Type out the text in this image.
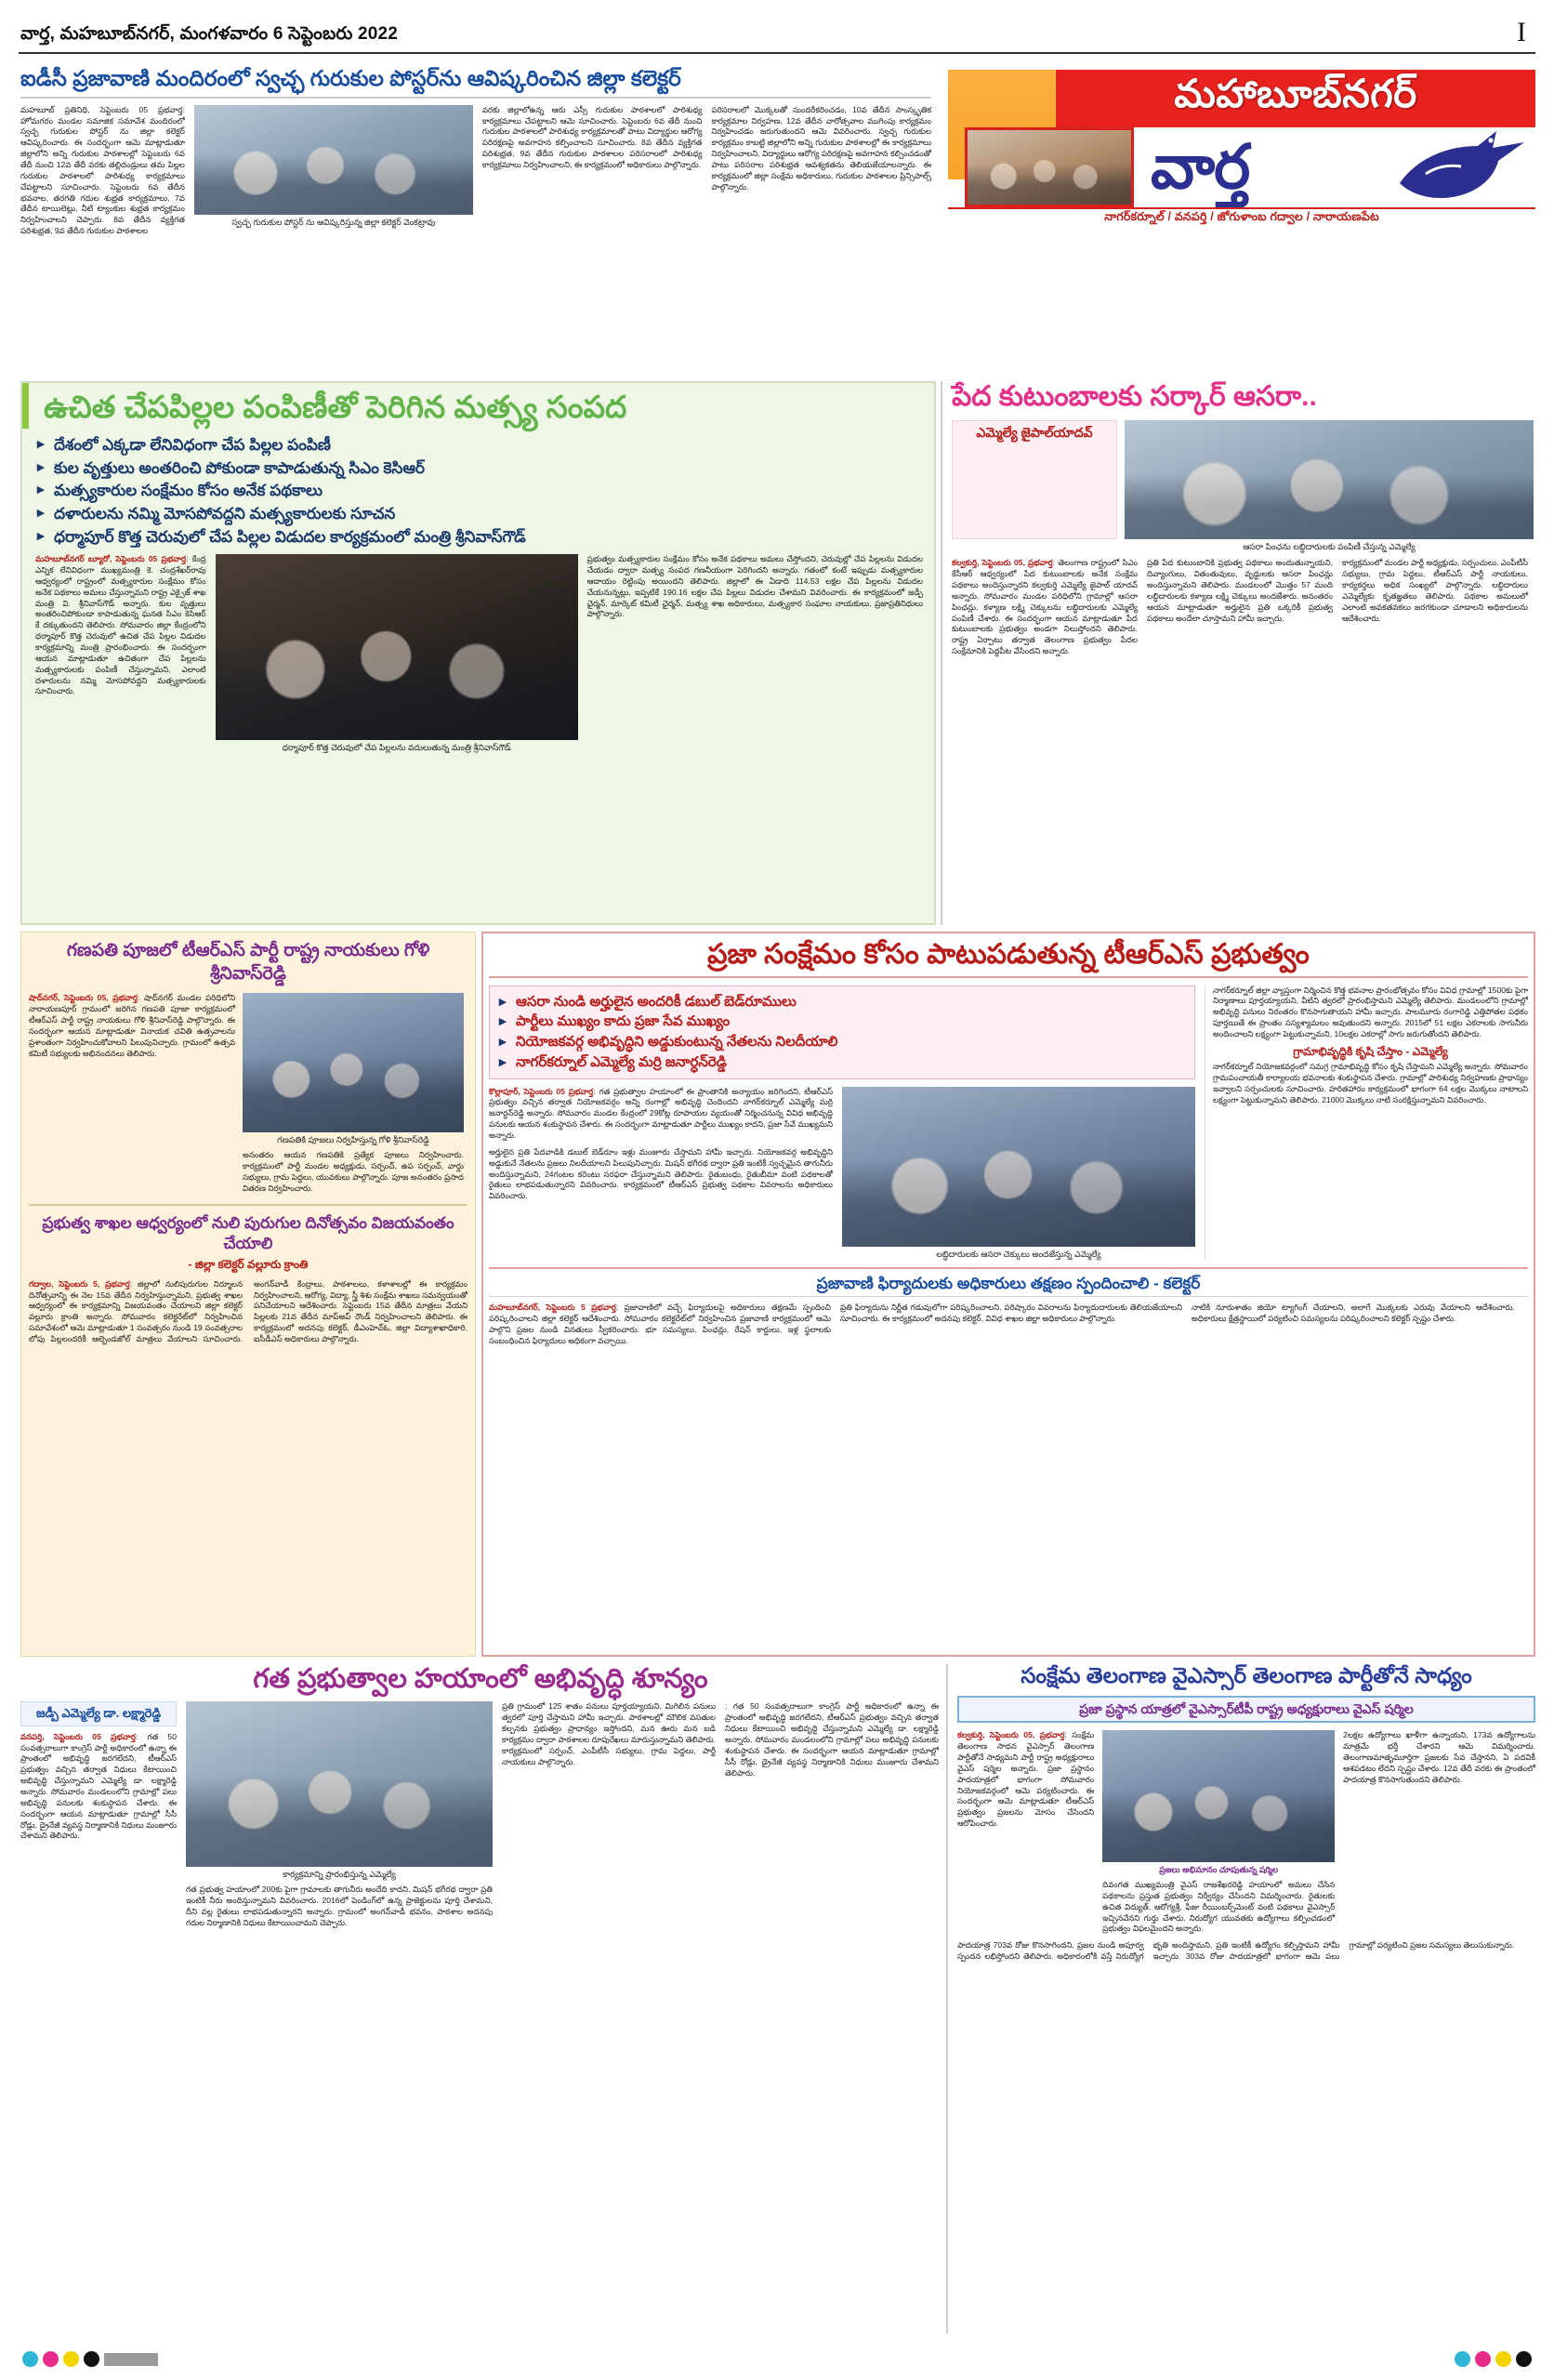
వార్త, మహబూబ్‌నగర్, మంగళవారం 6 సెప్టెంబరు 2022	I
మహాబూబ్‌నగర్
వార్త
నాగర్‌కర్నూల్ / వనపర్తి / జోగుళాంబ గద్వాల / నారాయణపేట
ఐడీసీ ప్రజావాణి మందిరంలో స్వచ్ఛ గురుకుల పోస్టర్‌ను ఆవిష్కరించిన జిల్లా కలెక్టర్
మహబూబ్ ప్రతినిధి, సెప్టెంబరు 05 ప్రభవార్త: హోమగరం మండల సమాజిక సమావేశ మందిరంలో స్వచ్ఛ గురుకుల పోస్టర్ ను జిల్లా కలెక్టర్ ఆవిష్కరించారు. ఈ సందర్భంగా ఆమె మాట్లాడుతూ జిల్లాలోని అన్ని గురుకుల పాఠశాలల్లో సెప్టెంబరు 6వ తేదీ నుంచి 12వ తేదీ వరకు తల్లిదండ్రులు తమ పిల్లల గురుకుల పాఠశాలలో పారిశుధ్య కార్యక్రమాలు చేపట్టాలని సూచించారు. సెప్టెంబరు 6వ తేదీన భవనాల, తరగతి గదుల శుభ్రత కార్యక్రమాలు, 7వ తేదీన టాయిలెట్లు, నీటి ట్యాంకుల శుభ్రత కార్యక్రమం నిర్వహించాలని చెప్పారు. 8వ తేదీన వ్యక్తిగత పరిశుభ్రత, 9వ తేదీన గురుకుల పాఠశాలల
స్వచ్ఛ గురుకుల పోస్టర్ ను ఆవిష్కరిస్తున్న జిల్లా కలెక్టర్ వెంకట్రావు
వరకు జిల్లాలోఉన్న ఆరు ఎస్సీ గురుకుల పాఠశాలలో పారిశుధ్య కార్యక్రమాలు చేపట్టాలని ఆమె సూచించారు. సెప్టెంబరు 6వ తేదీ నుంచి గురుకుల పాఠశాలలో పారిశుధ్య కార్యక్రమాలతో పాటు విద్యార్థుల ఆరోగ్య పరిరక్షణపై అవగాహన కల్పించాలని సూచించారు. 8వ తేదీన వ్యక్తిగత పరిశుభ్రత, 9వ తేదీన గురుకుల పాఠశాలల పరిసరాలలో పారిశుధ్య కార్యక్రమాలు నిర్వహించాలని, ఈ కార్యక్రమంలో అధికారులు పాల్గొన్నారు.
పరిసరాలలో మొక్కలతో సుందరీకరించడం, 10వ తేదీన సాంస్కృతిక కార్యక్రమాల నిర్వహణ, 12వ తేదీన వారోత్సవాల ముగింపు కార్యక్రమం నిర్వహించడం జరుగుతుందని ఆమె వివరించారు. స్వచ్ఛ గురుకుల కార్యక్రమం కాబట్టి జిల్లాలోని అన్ని గురుకుల పాఠశాలల్లో ఈ కార్యక్రమాలు నిర్వహించాలని, విద్యార్థులు ఆరోగ్య పరిరక్షణపై అవగాహన కల్పించడంతో పాటు పరిసరాల పరిశుభ్రత ఆవశ్యకతను తెలియజేయాలన్నారు. ఈ కార్యక్రమంలో జిల్లా సంక్షేమ అధికారులు, గురుకుల పాఠశాలల ప్రిన్సిపాల్స్ పాల్గొన్నారు.
ఉచిత చేపపిల్లల పంపిణీతో పెరిగిన మత్స్య సంపద
▸ దేశంలో ఎక్కడా లేనివిధంగా చేప పిల్లల పంపిణీ
▸ కుల వృత్తులు అంతరించి పోకుండా కాపాడుతున్న సిఎం కెసిఆర్
▸ మత్స్యకారుల సంక్షేమం కోసం అనేక పథకాలు
▸ దళారులను నమ్మి మోసపోవద్దని మత్స్యకారులకు సూచన
▸ ధర్మాపూర్ కొత్త చెరువులో చేప పిల్లల విడుదల కార్యక్రమంలో మంత్రి శ్రీనివాస్‌గౌడ్
మహబూబ్‌నగర్ బ్యూరో, సెప్టెంబరు 05 ప్రభవార్త: కేంద్ర ఎన్నిక లేనివిధంగా ముఖ్యమంత్రి కె. చంద్రశేఖర్‌రావు ఆధ్వర్యంలో రాష్ట్రంలో మత్స్యకారుల సంక్షేమం కోసం అనేక పథకాలు అమలు చేస్తున్నామని రాష్ట్ర ఎక్సైజ్ శాఖ మంత్రి వి. శ్రీనివాస్‌గౌడ్ అన్నారు. కుల వృత్తులు అంతరించిపోకుండా కాపాడుతున్న ఘనత సిఎం కెసిఆర్ కే దక్కుతుందని తెలిపారు. సోమవారం జిల్లా కేంద్రంలోని ధర్మాపూర్ కొత్త చెరువులో ఉచిత చేప పిల్లల విడుదల కార్యక్రమాన్ని మంత్రి ప్రారంభించారు. ఈ సందర్భంగా ఆయన మాట్లాడుతూ ఉచితంగా చేప పిల్లలను మత్స్యకారులకు పంపిణీ చేస్తున్నామని, ఎలాంటి దళారులను నమ్మి మోసపోవద్దని మత్స్యకారులకు సూచించారు.
ధర్మాపూర్ కొత్త చెరువులో చేప పిల్లలను వదులుతున్న మంత్రి శ్రీనివాస్‌గౌడ్
ప్రభుత్వం మత్స్యకారుల సంక్షేమం కోసం అనేక పథకాలు అమలు చేస్తోందని, చెరువుల్లో చేప పిల్లలను విడుదల చేయడం ద్వారా మత్స్య సంపద గణనీయంగా పెరిగిందని అన్నారు. గతంలో కంటే ఇప్పుడు మత్స్యకారుల ఆదాయం రెట్టింపు అయిందని తెలిపారు. జిల్లాలో ఈ ఏడాది 114.53 లక్షల చేప పిల్లలను విడుదల చేయనున్నట్లు, ఇప్పటికే 190.16 లక్షల చేప పిల్లలు విడుదల చేశామని వివరించారు. ఈ కార్యక్రమంలో జడ్పీ ఛైర్మన్, మార్కెట్ కమిటీ ఛైర్మన్, మత్స్య శాఖ అధికారులు, మత్స్యకార సంఘాల నాయకులు, ప్రజాప్రతినిధులు పాల్గొన్నారు.
పేద కుటుంబాలకు సర్కార్ ఆసరా..
ఎమ్మెల్యే జైపాల్‌యాదవ్
ఆసరా పింఛను లబ్ధిదారులకు పంపిణీ చేస్తున్న ఎమ్మెల్యే
కల్వకుర్తి, సెప్టెంబరు 05, ప్రభవార్త: తెలంగాణ రాష్ట్రంలో సిఎం కేసీఆర్ ఆధ్వర్యంలో పేద కుటుంబాలకు అనేక సంక్షేమ పథకాలు అందిస్తున్నారని కల్వకుర్తి ఎమ్మెల్యే జైపాల్ యాదవ్ అన్నారు. సోమవారం మండల పరిధిలోని గ్రామాల్లో ఆసరా పింఛన్లు, కళ్యాణ లక్ష్మి చెక్కులను లబ్ధిదారులకు ఎమ్మెల్యే పంపిణీ చేశారు. ఈ సందర్భంగా ఆయన మాట్లాడుతూ పేద కుటుంబాలకు ప్రభుత్వం అండగా నిలుస్తోందని తెలిపారు. రాష్ట్ర ఏర్పాటు తర్వాత తెలంగాణ ప్రభుత్వం పేదల సంక్షేమానికి పెద్దపీట వేసిందని అన్నారు.
ప్రతి పేద కుటుంబానికి ప్రభుత్వ పథకాలు అందుతున్నాయని, దివ్యాంగులు, వితంతువులు, వృద్ధులకు ఆసరా పింఛన్లు అందిస్తున్నామని తెలిపారు. మండలంలో మొత్తం 57 మంది లబ్ధిదారులకు కళ్యాణ లక్ష్మి చెక్కులు అందజేశారు. అనంతరం ఆయన మాట్లాడుతూ అర్హులైన ప్రతి ఒక్కరికీ ప్రభుత్వ పథకాలు అందేలా చూస్తామని హామీ ఇచ్చారు.
కార్యక్రమంలో మండల పార్టీ అధ్యక్షుడు, సర్పంచులు, ఎంపీటీసీ సభ్యులు, గ్రామ పెద్దలు, టీఆర్ఎస్ పార్టీ నాయకులు, కార్యకర్తలు అధిక సంఖ్యలో పాల్గొన్నారు. లబ్ధిదారులు ఎమ్మెల్యేకు కృతజ్ఞతలు తెలిపారు. పథకాల అమలులో ఎలాంటి అవకతవకలు జరగకుండా చూడాలని అధికారులను ఆదేశించారు.
గణపతి పూజలో టీఆర్ఎస్ పార్టీ రాష్ట్ర నాయకులు గోళి శ్రీనివాస్‌రెడ్డి
షాద్‌నగర్, సెప్టెంబరు 05, ప్రభవార్త: షాద్‌నగర్ మండల పరిధిలోని నారాయణపూర్ గ్రామంలో జరిగిన గణపతి పూజా కార్యక్రమంలో టీఆర్ఎస్ పార్టీ రాష్ట్ర నాయకులు గోళి శ్రీనివాస్‌రెడ్డి పాల్గొన్నారు. ఈ సందర్భంగా ఆయన మాట్లాడుతూ వినాయక చవితి ఉత్సవాలను ప్రశాంతంగా నిర్వహించుకోవాలని పిలుపునిచ్చారు. గ్రామంలో ఉత్సవ కమిటీ సభ్యులకు అభినందనలు తెలిపారు.
గణపతికి పూజలు నిర్వహిస్తున్న గోళి శ్రీనివాస్‌రెడ్డి
అనంతరం ఆయన గణపతికి ప్రత్యేక పూజలు నిర్వహించారు. కార్యక్రమంలో పార్టీ మండల అధ్యక్షుడు, సర్పంచ్, ఉప సర్పంచ్, వార్డు సభ్యులు, గ్రామ పెద్దలు, యువకులు పాల్గొన్నారు. పూజ అనంతరం ప్రసాద వితరణ నిర్వహించారు.
ప్రభుత్వ శాఖల ఆధ్వర్యంలో నులి పురుగుల దినోత్సవం విజయవంతం చేయాలి
- జిల్లా కలెక్టర్ వల్లూరు క్రాంతి
గద్వాల, సెప్టెంబరు 5, ప్రభవార్త: జిల్లాలో నులిపురుగుల నిర్మూలన దినోత్సవాన్ని ఈ నెల 15వ తేదీన నిర్వహిస్తున్నామని, ప్రభుత్వ శాఖల ఆధ్వర్యంలో ఈ కార్యక్రమాన్ని విజయవంతం చేయాలని జిల్లా కలెక్టర్ వల్లూరు క్రాంతి అన్నారు. సోమవారం కలెక్టరేట్‌లో నిర్వహించిన సమావేశంలో ఆమె మాట్లాడుతూ 1 సంవత్సరం నుండి 19 సంవత్సరాల లోపు పిల్లలందరికీ ఆల్బెండజోల్ మాత్రలు వేయాలని సూచించారు. అంగన్‌వాడీ కేంద్రాలు, పాఠశాలలు, కళాశాలల్లో ఈ కార్యక్రమం నిర్వహించాలని, ఆరోగ్య, విద్యా, స్త్రీ శిశు సంక్షేమ శాఖలు సమన్వయంతో పనిచేయాలని ఆదేశించారు. సెప్టెంబరు 15వ తేదీన మాత్రలు వేయని పిల్లలకు 21వ తేదీన మాప్‌అప్ రౌండ్ నిర్వహించాలని తెలిపారు. ఈ కార్యక్రమంలో అదనపు కలెక్టర్, డీఎంహెచ్ఓ, జిల్లా విద్యాశాఖాధికారి, ఐసీడీఎస్ అధికారులు పాల్గొన్నారు.
ప్రజా సంక్షేమం కోసం పాటుపడుతున్న టీఆర్ఎస్ ప్రభుత్వం
▸ ఆసరా నుండి అర్హులైన అందరికీ డబుల్ బెడ్‌రూములు
▸ పార్టీలు ముఖ్యం కాదు ప్రజా సేవ ముఖ్యం
▸ నియోజకవర్గ అభివృద్ధిని అడ్డుకుంటున్న నేతలను నిలదీయాలి
▸ నాగర్‌కర్నూల్ ఎమ్మెల్యే మర్రి జనార్ధన్‌రెడ్డి
కొల్లాపూర్, సెప్టెంబరు 05 ప్రభవార్త: గత ప్రభుత్వాల హయాంలో ఈ ప్రాంతానికి అన్యాయం జరిగిందని, టీఆర్ఎస్ ప్రభుత్వం వచ్చిన తర్వాత నియోజకవర్గం అన్ని రంగాల్లో అభివృద్ధి చెందిందని నాగర్‌కర్నూల్ ఎమ్మెల్యే మర్రి జనార్ధన్‌రెడ్డి అన్నారు. సోమవారం మండల కేంద్రంలో 29కోట్ల రూపాయల వ్యయంతో నిర్మించనున్న వివిధ అభివృద్ధి పనులకు ఆయన శంకుస్థాపన చేశారు. ఈ సందర్భంగా మాట్లాడుతూ పార్టీలు ముఖ్యం కాదని, ప్రజా సేవే ముఖ్యమని అన్నారు.
అర్హులైన ప్రతి పేదవాడికి డబుల్ బెడ్‌రూం ఇళ్లు మంజూరు చేస్తామని హామీ ఇచ్చారు. నియోజకవర్గ అభివృద్ధిని అడ్డుకునే నేతలను ప్రజలు నిలదీయాలని పిలుపునిచ్చారు. మిషన్ భగీరథ ద్వారా ప్రతి ఇంటికీ స్వచ్ఛమైన తాగునీరు అందిస్తున్నామని, 24గంటల కరెంటు సరఫరా చేస్తున్నామని తెలిపారు. రైతుబంధు, రైతుబీమా వంటి పథకాలతో రైతులు లాభపడుతున్నారని వివరించారు. కార్యక్రమంలో టీఆర్ఎస్ ప్రభుత్వ పథకాల వివరాలను అధికారులు వివరించారు.
లబ్ధిదారులకు ఆసరా చెక్కులు అందజేస్తున్న ఎమ్మెల్యే
నాగర్‌కర్నూల్ జిల్లా వ్యాప్తంగా నిర్మించిన కొత్త భవనాల ప్రారంభోత్సవం కోసం వివిధ గ్రామాల్లో 1500కు పైగా నిర్మాణాలు పూర్తయ్యాయని, వీటిని త్వరలో ప్రారంభిస్తామని ఎమ్మెల్యే తెలిపారు. మండలంలోని గ్రామాల్లో అభివృద్ధి పనులు నిరంతరం కొనసాగుతాయని హామీ ఇచ్చారు. పాలమూరు రంగారెడ్డి ఎత్తిపోతల పథకం పూర్తయితే ఈ ప్రాంతం సస్యశ్యామలం అవుతుందని అన్నారు. 2015లో 51 లక్షల ఎకరాలకు సాగునీరు అందించాలని లక్ష్యంగా పెట్టుకున్నామని, 10లక్షల ఎకరాల్లో సాగు జరుగుతోందని తెలిపారు.
గ్రామాభివృద్ధికి కృషి చేస్తాం - ఎమ్మెల్యే
నాగర్‌కర్నూల్ నియోజకవర్గంలో సమగ్ర గ్రామాభివృద్ధి కోసం కృషి చేస్తామని ఎమ్మెల్యే అన్నారు. సోమవారం గ్రామపంచాయతీ కార్యాలయ భవనాలకు శంకుస్థాపన చేశారు. గ్రామాల్లో పారిశుధ్య నిర్వహణకు ప్రాధాన్యం ఇవ్వాలని సర్పంచులకు సూచించారు. హరితహారం కార్యక్రమంలో భాగంగా 64 లక్షల మొక్కలు నాటాలని లక్ష్యంగా పెట్టుకున్నామని తెలిపారు. 21000 మొక్కలు నాటి సంరక్షిస్తున్నామని వివరించారు.
ప్రజావాణి ఫిర్యాదులకు అధికారులు తక్షణం స్పందించాలి - కలెక్టర్
మహబూబ్‌నగర్, సెప్టెంబరు 5 ప్రభవార్త: ప్రజావాణిలో వచ్చే ఫిర్యాదులపై అధికారులు తక్షణమే స్పందించి పరిష్కరించాలని జిల్లా కలెక్టర్ ఆదేశించారు. సోమవారం కలెక్టరేట్‌లో నిర్వహించిన ప్రజావాణి కార్యక్రమంలో ఆమె పాల్గొని ప్రజల నుండి వినతులు స్వీకరించారు. భూ సమస్యలు, పింఛన్లు, రేషన్ కార్డులు, ఇళ్ల స్థలాలకు సంబంధించిన ఫిర్యాదులు అధికంగా వచ్చాయి.
ప్రతి ఫిర్యాదును నిర్ణీత గడువులోగా పరిష్కరించాలని, పరిష్కారం వివరాలను ఫిర్యాదుదారులకు తెలియజేయాలని సూచించారు. ఈ కార్యక్రమంలో అదనపు కలెక్టర్, వివిధ శాఖల జిల్లా అధికారులు పాల్గొన్నారు.
నాటికి నూరుశాతం జియో ట్యాగింగ్ చేయాలని, అలాగే మొక్కలకు ఎరువు వేయాలని ఆదేశించారు. అధికారులు క్షేత్రస్థాయిలో పర్యటించి సమస్యలను పరిష్కరించాలని కలెక్టర్ స్పష్టం చేశారు.
గత ప్రభుత్వాల హయాంలో అభివృద్ధి శూన్యం
జడ్పీ ఎమ్మెల్యే డా. లక్ష్మారెడ్డి
వనపర్తి, సెప్టెంబరు 05 ప్రభవార్త: గత 50 సంవత్సరాలుగా కాంగ్రెస్ పార్టీ అధికారంలో ఉన్నా ఈ ప్రాంతంలో అభివృద్ధి జరగలేదని, టీఆర్ఎస్ ప్రభుత్వం వచ్చిన తర్వాత నిధులు కేటాయించి అభివృద్ధి చేస్తున్నామని ఎమ్మెల్యే డా. లక్ష్మారెడ్డి అన్నారు. సోమవారం మండలంలోని గ్రామాల్లో పలు అభివృద్ధి పనులకు శంకుస్థాపన చేశారు. ఈ సందర్భంగా ఆయన మాట్లాడుతూ గ్రామాల్లో సీసీ రోడ్లు, డ్రైనేజీ వ్యవస్థ నిర్మాణానికి నిధులు మంజూరు చేశామని తెలిపారు.
కార్యక్రమాన్ని ప్రారంభిస్తున్న ఎమ్మెల్యే
గత ప్రభుత్వ హయాంలో 200కు పైగా గ్రామాలకు తాగునీరు అందేది కాదని, మిషన్ భగీరథ ద్వారా ప్రతి ఇంటికీ నీరు అందిస్తున్నామని వివరించారు. 2016లో పెండింగ్‌లో ఉన్న ప్రాజెక్టులను పూర్తి చేశామని, దీని వల్ల రైతులు లాభపడుతున్నారని అన్నారు. గ్రామంలో అంగన్‌వాడీ భవనం, పాఠశాల అదనపు గదుల నిర్మాణానికి నిధులు కేటాయించామని చెప్పారు.
ప్రతి గ్రామంలో 125 శాతం పనులు పూర్తయ్యాయని, మిగిలిన పనులు త్వరలో పూర్తి చేస్తామని హామీ ఇచ్చారు. పాఠశాలల్లో మౌలిక వసతుల కల్పనకు ప్రభుత్వం ప్రాధాన్యం ఇస్తోందని, మన ఊరు మన బడి కార్యక్రమం ద్వారా పాఠశాలల రూపురేఖలు మారుస్తున్నామని తెలిపారు. కార్యక్రమంలో సర్పంచ్, ఎంపీటీసీ సభ్యులు, గ్రామ పెద్దలు, పార్టీ నాయకులు పాల్గొన్నారు.
: గత 50 సంవత్సరాలుగా కాంగ్రెస్ పార్టీ అధికారంలో ఉన్నా ఈ ప్రాంతంలో అభివృద్ధి జరగలేదని, టీఆర్ఎస్ ప్రభుత్వం వచ్చిన తర్వాత నిధులు కేటాయించి అభివృద్ధి చేస్తున్నామని ఎమ్మెల్యే డా. లక్ష్మారెడ్డి అన్నారు. సోమవారం మండలంలోని గ్రామాల్లో పలు అభివృద్ధి పనులకు శంకుస్థాపన చేశారు. ఈ సందర్భంగా ఆయన మాట్లాడుతూ గ్రామాల్లో సీసీ రోడ్లు, డ్రైనేజీ వ్యవస్థ నిర్మాణానికి నిధులు మంజూరు చేశామని తెలిపారు.
సంక్షేమ తెలంగాణ వైఎస్సార్ తెలంగాణ పార్టీతోనే సాధ్యం
ప్రజా ప్రస్థాన యాత్రలో వైఎస్సార్‌టీపీ రాష్ట్ర అధ్యక్షురాలు వైఎస్ షర్మిల
కల్వకుర్తి, సెప్టెంబరు 05, ప్రభవార్త: సంక్షేమ తెలంగాణ సాధన వైఎస్సార్ తెలంగాణ పార్టీతోనే సాధ్యమని పార్టీ రాష్ట్ర అధ్యక్షురాలు వైఎస్ షర్మిల అన్నారు. ప్రజా ప్రస్థానం పాదయాత్రలో భాగంగా సోమవారం నియోజకవర్గంలో ఆమె పర్యటించారు. ఈ సందర్భంగా ఆమె మాట్లాడుతూ టీఆర్ఎస్ ప్రభుత్వం ప్రజలను మోసం చేసిందని ఆరోపించారు.
ప్రజలు అభిమానం చూపుతున్న షర్మిల
దివంగత ముఖ్యమంత్రి వైఎస్ రాజశేఖరరెడ్డి హయాంలో అమలు చేసిన పథకాలను ప్రస్తుత ప్రభుత్వం నిర్వీర్యం చేసిందని విమర్శించారు. రైతులకు ఉచిత విద్యుత్, ఆరోగ్యశ్రీ, ఫీజు రీయింబర్స్‌మెంట్ వంటి పథకాలు వైఎస్సార్ ఇచ్చినవేనని గుర్తు చేశారు. నిరుద్యోగ యువతకు ఉద్యోగాలు కల్పించడంలో ప్రభుత్వం విఫలమైందని అన్నారు.
2లక్షల ఉద్యోగాలు ఖాళీగా ఉన్నాయని, 173వ ఉద్యోగాలను మాత్రమే భర్తీ చేశారని ఆమె విమర్శించారు. తెలంగాణమాతృమూర్తిగా ప్రజలకు సేవ చేస్తానని, ఏ పదవికీ ఆశపడటం లేదని స్పష్టం చేశారు. 12వ తేదీ వరకు ఈ ప్రాంతంలో పాదయాత్ర కొనసాగుతుందని తెలిపారు.
పాదయాత్ర 703వ రోజు కొనసాగిందని, ప్రజల నుండి అపూర్వ స్పందన లభిస్తోందని తెలిపారు. అధికారంలోకి వస్తే నిరుద్యోగ భృతి అందిస్తామని, ప్రతి ఇంటికీ ఉద్యోగం కల్పిస్తామని హామీ ఇచ్చారు. 303వ రోజు పాదయాత్రలో భాగంగా ఆమె పలు గ్రామాల్లో పర్యటించి ప్రజల సమస్యలు తెలుసుకున్నారు.
